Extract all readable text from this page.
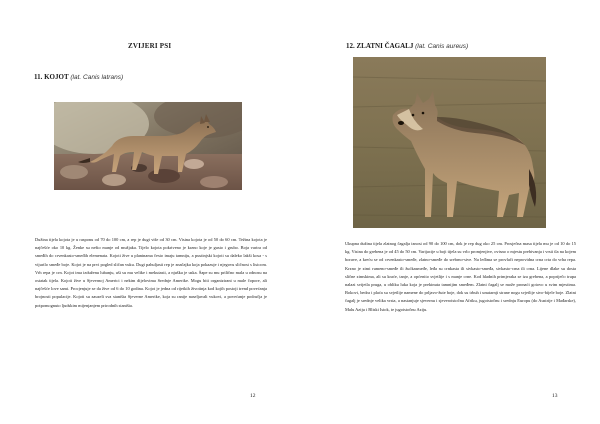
ZVIJERI PSI
11. KOJOT (lat. Canis latrans)
Dužina tijela kojota je u rasponu od 70 do 100 cm, a rep je dugi više od 30 cm. Visina kojota je od 50 do 60 cm. Težina kojota je najčešće oko 10 kg. Ženke su nešto manje od mužjaka. Tijelo kojota pokriveno je krzno koje je gusto i grubo. Boja varira od smeđih do crvenkasto-smeđih elemenata. Kojoti žive u planinama često imaju tamniju, a pustinjski kojoti su dalekо lakši kosa - s vijurilo smeđe boje. Kojot je na prvi pogled sličan vuku. Dugi pahuljasti rep je značajka koja pokazuje i njegovu sličnost s lisicom. Vrh repa je crn. Kojot ima izduženu lubanju, uši su mu velike i mekutasti, a njuška je uska. Šape su mu prilično mala u odnosu na ostatak tijela. Kojoti žive u Sjevernoj Americi i nekim dijelovima Srednje Amerike. Mogu biti organizirani u male čopore, ali najčešće love sami. Procjenjuje se da žive od 6 do 10 godina. Kojot je jedna od rijetkih životinja kod kojih postoji trend povećanja brojnosti populacije. Kojoti su zauzeli sva staništa Sjeverne Amerike, koja su ranije naseljavali vukovi, a povećanje područja je potpomognuto ljudskim mijenjanjem prirodnih staništa.
12
12. ZLATNI ČAGALJ (lat. Canis aureus)
Ukupna dužina tijela zlatnog čagalja iznosi od 90 do 100 cm, dok je rep dug oko 25 cm. Prosječna masa tijela mu je od 10 do 15 kg. Visina do grebena je od 45 do 50 cm. Varijacije u boji tijela su vrlo promjenjive, ovisno o mjestu prebivanja i vrsti tla na kojem borave, a kreću se od crvenkasto-smeđe, zlatno-smeđe do srebrno-sive. Na leđima se provlači neprovidna crna crta do vrha repa. Krzno je zimi rumeno-smeđe ili žućkasmeđe, leđa su crnkasta ili sivkasto-smeđa, sivkasto-crna ili crna. Lijene dlake su dosta slične zimskima, ali su kraće, tanje, a općenito svjetlije i s manje crne. Kod hladnih primjeraka se iza grebena, a popriječo trupa nalazi svijetla pruga, u obliku luka koja je prekinuta tamnijim smeđem. Zlatni čagalj se može pronaći gotovo u svim mjestima. Bokovi, bedra i plaća su svjetlije namene do prljavo-žute boje, dok su trbuh i unutarnji strane nogu svjetlije sivo-bijele boje. Zlatni čagalj je srednje velika vrsta, a nastanjuje sjevernu i sjeveroistočnu Afriku, jugoistočnu i srednju Europu (do Austrije i Mađarske), Malu Aziju i Bliski Istok, te jugoistočnu Aziju.
13
